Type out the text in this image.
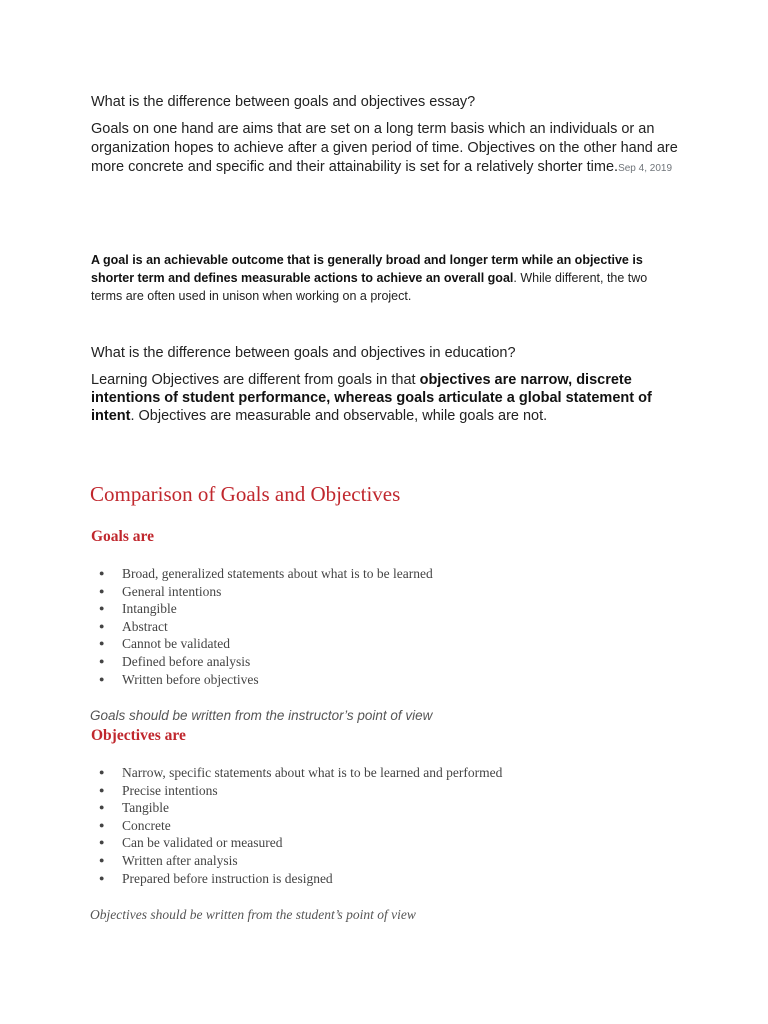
What is the difference between goals and objectives essay?

Goals on one hand are aims that are set on a long term basis which an individuals or an organization hopes to achieve after a given period of time. Objectives on the other hand are more concrete and specific and their attainability is set for a relatively shorter time.Sep 4, 2019

A goal is an achievable outcome that is generally broad and longer term while an objective is shorter term and defines measurable actions to achieve an overall goal. While different, the two terms are often used in unison when working on a project.

What is the difference between goals and objectives in education?

Learning Objectives are different from goals in that objectives are narrow, discrete intentions of student performance, whereas goals articulate a global statement of intent. Objectives are measurable and observable, while goals are not.

Comparison of Goals and Objectives
Goals are
● Broad, generalized statements about what is to be learned
● General intentions
● Intangible
● Abstract
● Cannot be validated
● Defined before analysis
● Written before objectives

Goals should be written from the instructor’s point of view

Objectives are
● Narrow, specific statements about what is to be learned and performed
● Precise intentions
● Tangible
● Concrete
● Can be validated or measured
● Written after analysis
● Prepared before instruction is designed

Objectives should be written from the student’s point of view
